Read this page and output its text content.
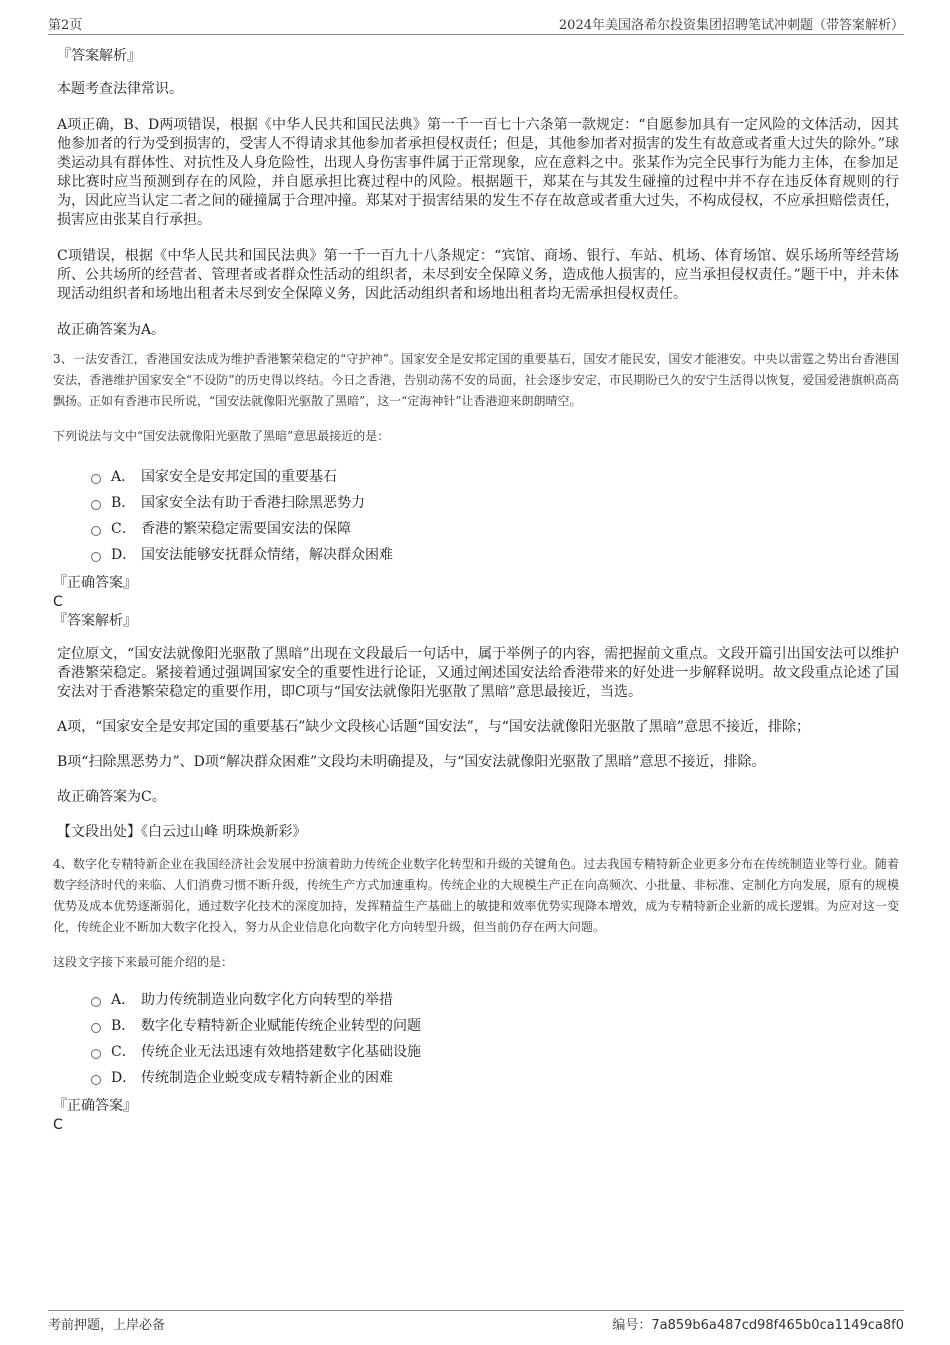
第2页	2024年美国洛希尔投资集团招聘笔试冲刺题（带答案解析）

『答案解析』

本题考查法律常识。

A项正确，B、D两项错误，根据《中华人民共和国民法典》第一千一百七十六条第一款规定：“自愿参加具有一定风险的文体活动，因其他参加者的行为受到损害的，受害人不得请求其他参加者承担侵权责任；但是，其他参加者对损害的发生有故意或者重大过失的除外。”球类运动具有群体性、对抗性及人身危险性，出现人身伤害事件属于正常现象，应在意料之中。张某作为完全民事行为能力主体，在参加足球比赛时应当预测到存在的风险，并自愿承担比赛过程中的风险。根据题干，郑某在与其发生碰撞的过程中并不存在违反体育规则的行为，因此应当认定二者之间的碰撞属于合理冲撞。郑某对于损害结果的发生不存在故意或者重大过失，不构成侵权，不应承担赔偿责任，损害应由张某自行承担。

C项错误，根据《中华人民共和国民法典》第一千一百九十八条规定：“宾馆、商场、银行、车站、机场、体育场馆、娱乐场所等经营场所、公共场所的经营者、管理者或者群众性活动的组织者，未尽到安全保障义务，造成他人损害的，应当承担侵权责任。”题干中，并未体现活动组织者和场地出租者未尽到安全保障义务，因此活动组织者和场地出租者均无需承担侵权责任。

故正确答案为A。

3、一法安香江，香港国安法成为维护香港繁荣稳定的“守护神”。国家安全是安邦定国的重要基石，国安才能民安，国安才能港安。中央以雷霆之势出台香港国安法，香港维护国家安全“不设防”的历史得以终结。今日之香港，告别动荡不安的局面，社会逐步安定，市民期盼已久的安宁生活得以恢复，爱国爱港旗帜高高飘扬。正如有香港市民所说，“国安法就像阳光驱散了黑暗”，这一“定海神针”让香港迎来朗朗晴空。

下列说法与文中“国安法就像阳光驱散了黑暗”意思最接近的是：

A． 国家安全是安邦定国的重要基石
B． 国家安全法有助于香港扫除黑恶势力
C． 香港的繁荣稳定需要国安法的保障
D． 国安法能够安抚群众情绪，解决群众困难

『正确答案』

C

『答案解析』

定位原文，“国安法就像阳光驱散了黑暗”出现在文段最后一句话中，属于举例子的内容，需把握前文重点。文段开篇引出国安法可以维护香港繁荣稳定。紧接着通过强调国家安全的重要性进行论证，又通过阐述国安法给香港带来的好处进一步解释说明。故文段重点论述了国安法对于香港繁荣稳定的重要作用，即C项与“国安法就像阳光驱散了黑暗”意思最接近，当选。

A项，“国家安全是安邦定国的重要基石”缺少文段核心话题“国安法”，与“国安法就像阳光驱散了黑暗”意思不接近，排除；

B项“扫除黑恶势力”、D项“解决群众困难”文段均未明确提及，与“国安法就像阳光驱散了黑暗”意思不接近，排除。

故正确答案为C。

【文段出处】《白云过山峰 明珠焕新彩》

4、数字化专精特新企业在我国经济社会发展中扮演着助力传统企业数字化转型和升级的关键角色。过去我国专精特新企业更多分布在传统制造业等行业。随着数字经济时代的来临、人们消费习惯不断升级，传统生产方式加速重构。传统企业的大规模生产正在向高频次、小批量、非标准、定制化方向发展，原有的规模优势及成本优势逐渐弱化，通过数字化技术的深度加持，发挥精益生产基础上的敏捷和效率优势实现降本增效，成为专精特新企业新的成长逻辑。为应对这一变化，传统企业不断加大数字化投入，努力从企业信息化向数字化方向转型升级，但当前仍存在两大问题。

这段文字接下来最可能介绍的是：

A． 助力传统制造业向数字化方向转型的举措
B． 数字化专精特新企业赋能传统企业转型的问题
C． 传统企业无法迅速有效地搭建数字化基础设施
D． 传统制造企业蜕变成专精特新企业的困难

『正确答案』

C

考前押题，上岸必备	编号：7a859b6a487cd98f465b0ca1149ca8f0
